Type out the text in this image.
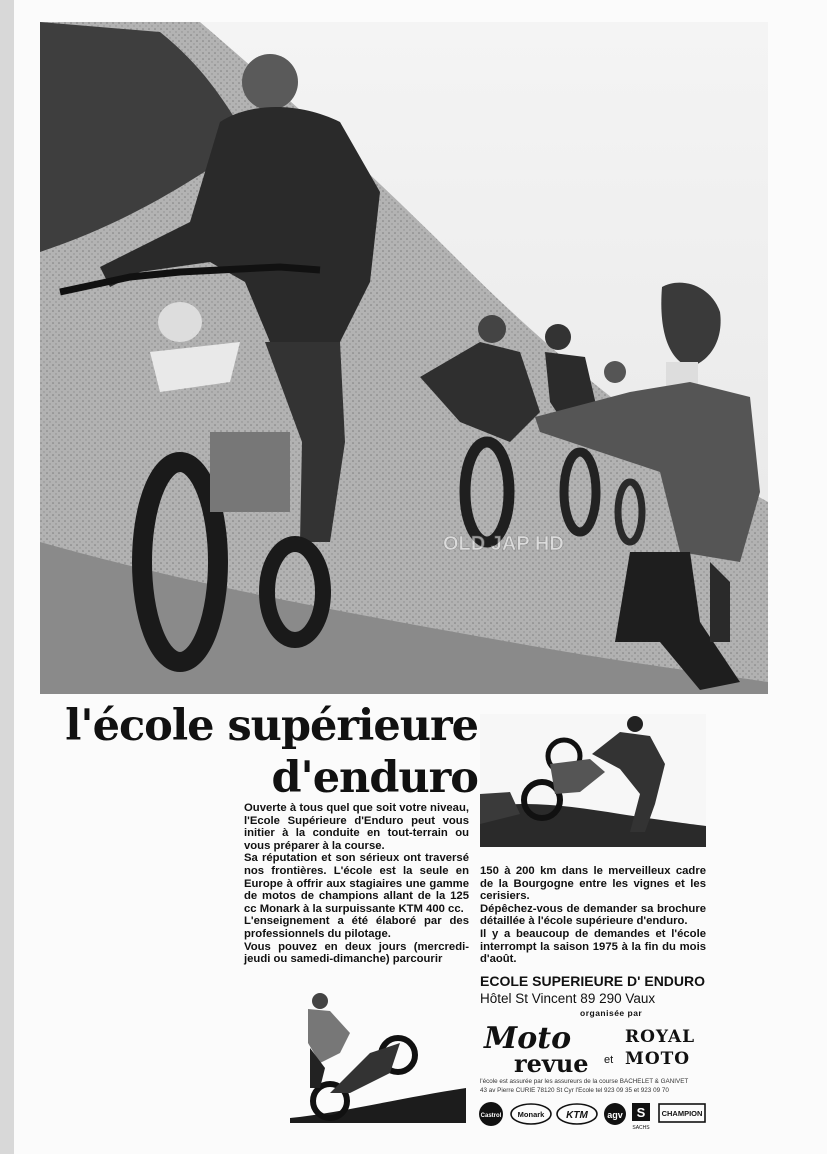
OLD JAP HD
l'école supérieure
d'enduro

Ouverte à tous quel que soit votre niveau, l'Ecole Supérieure d'Enduro peut vous initier à la conduite en tout-terrain ou vous préparer à la course.

Sa réputation et son sérieux ont traversé nos frontières. L'école est la seule en Europe à offrir aux stagiaires une gamme de motos de champions allant de la 125 cc Monark à la surpuissante KTM 400 cc.

L'enseignement a été élaboré par des professionnels du pilotage.

Vous pouvez en deux jours (mercredi-jeudi ou samedi-dimanche) parcourir

150 à 200 km dans le merveilleux cadre de la Bourgogne entre les vignes et les cerisiers.

Dépêchez-vous de demander sa brochure détaillée à l'école supérieure d'enduro.

Il y a beaucoup de demandes et l'école interrompt la saison 1975 à la fin du mois d'août.

ECOLE SUPERIEURE D' ENDURO
Hôtel St Vincent 89 290 Vaux
organisée par
Moto
revue et
ROYAL
MOTO
l'école est assurée par les assureurs de la course BACHELET & GANIVET
43 av Pierre CURIE 78120 St Cyr l'Ecole tel 923 09 35 et 923 09 70
Castrol Monark KTM agv S
SACHS
CHAMPION
